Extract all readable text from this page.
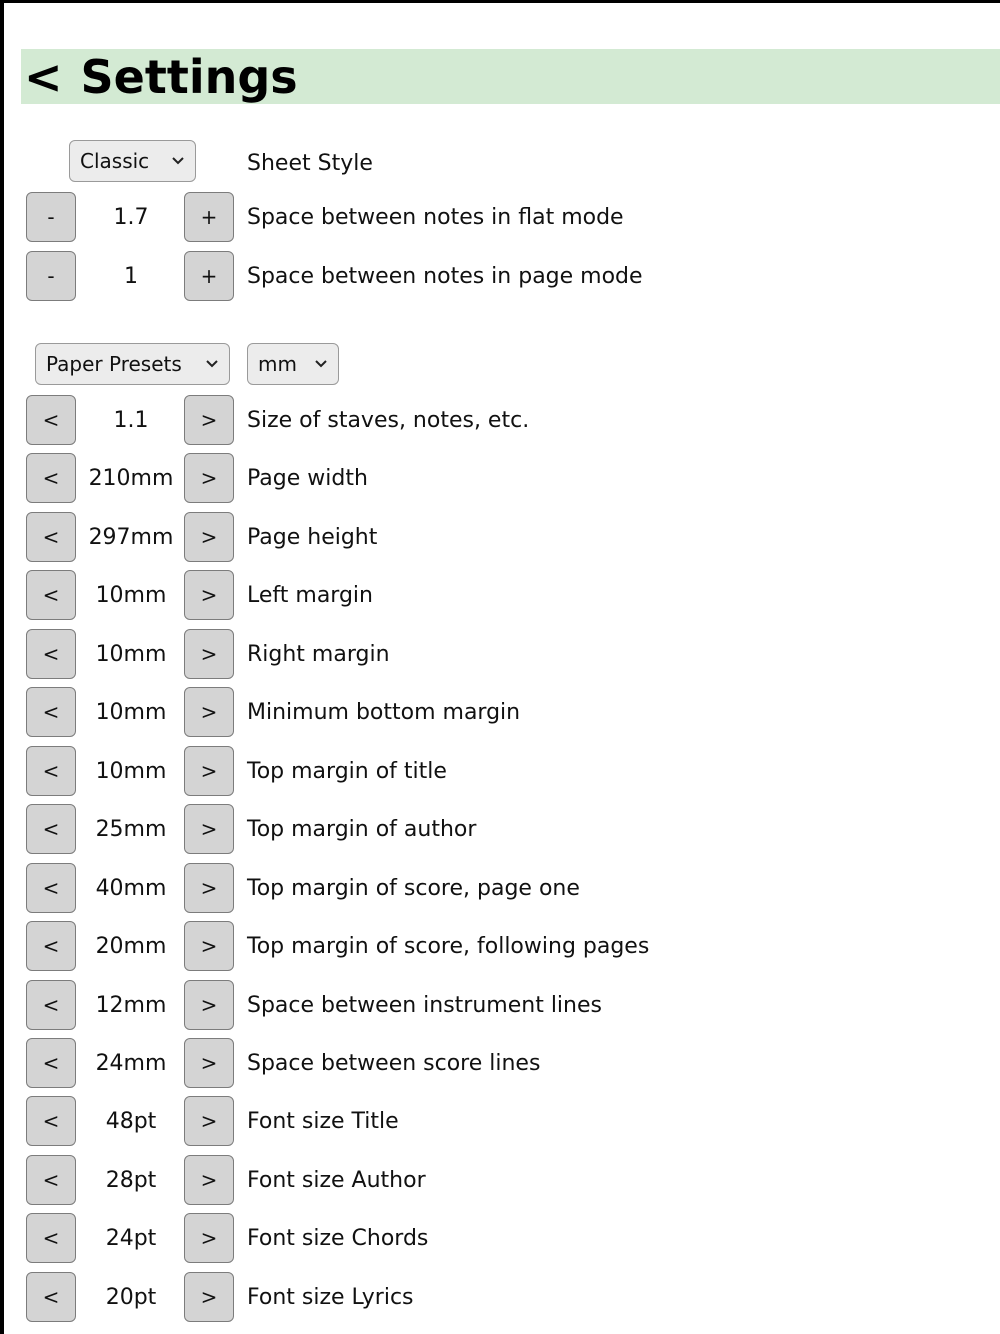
< Settings
Classic	Sheet Style
-	1.7	+	Space between notes in flat mode
-	1	+	Space between notes in page mode
Paper Presets	mm
<	1.1	>	Size of staves, notes, etc.
<	210mm	>	Page width
<	297mm	>	Page height
<	10mm	>	Left margin
<	10mm	>	Right margin
<	10mm	>	Minimum bottom margin
<	10mm	>	Top margin of title
<	25mm	>	Top margin of author
<	40mm	>	Top margin of score, page one
<	20mm	>	Top margin of score, following pages
<	12mm	>	Space between instrument lines
<	24mm	>	Space between score lines
<	48pt	>	Font size Title
<	28pt	>	Font size Author
<	24pt	>	Font size Chords
<	20pt	>	Font size Lyrics
